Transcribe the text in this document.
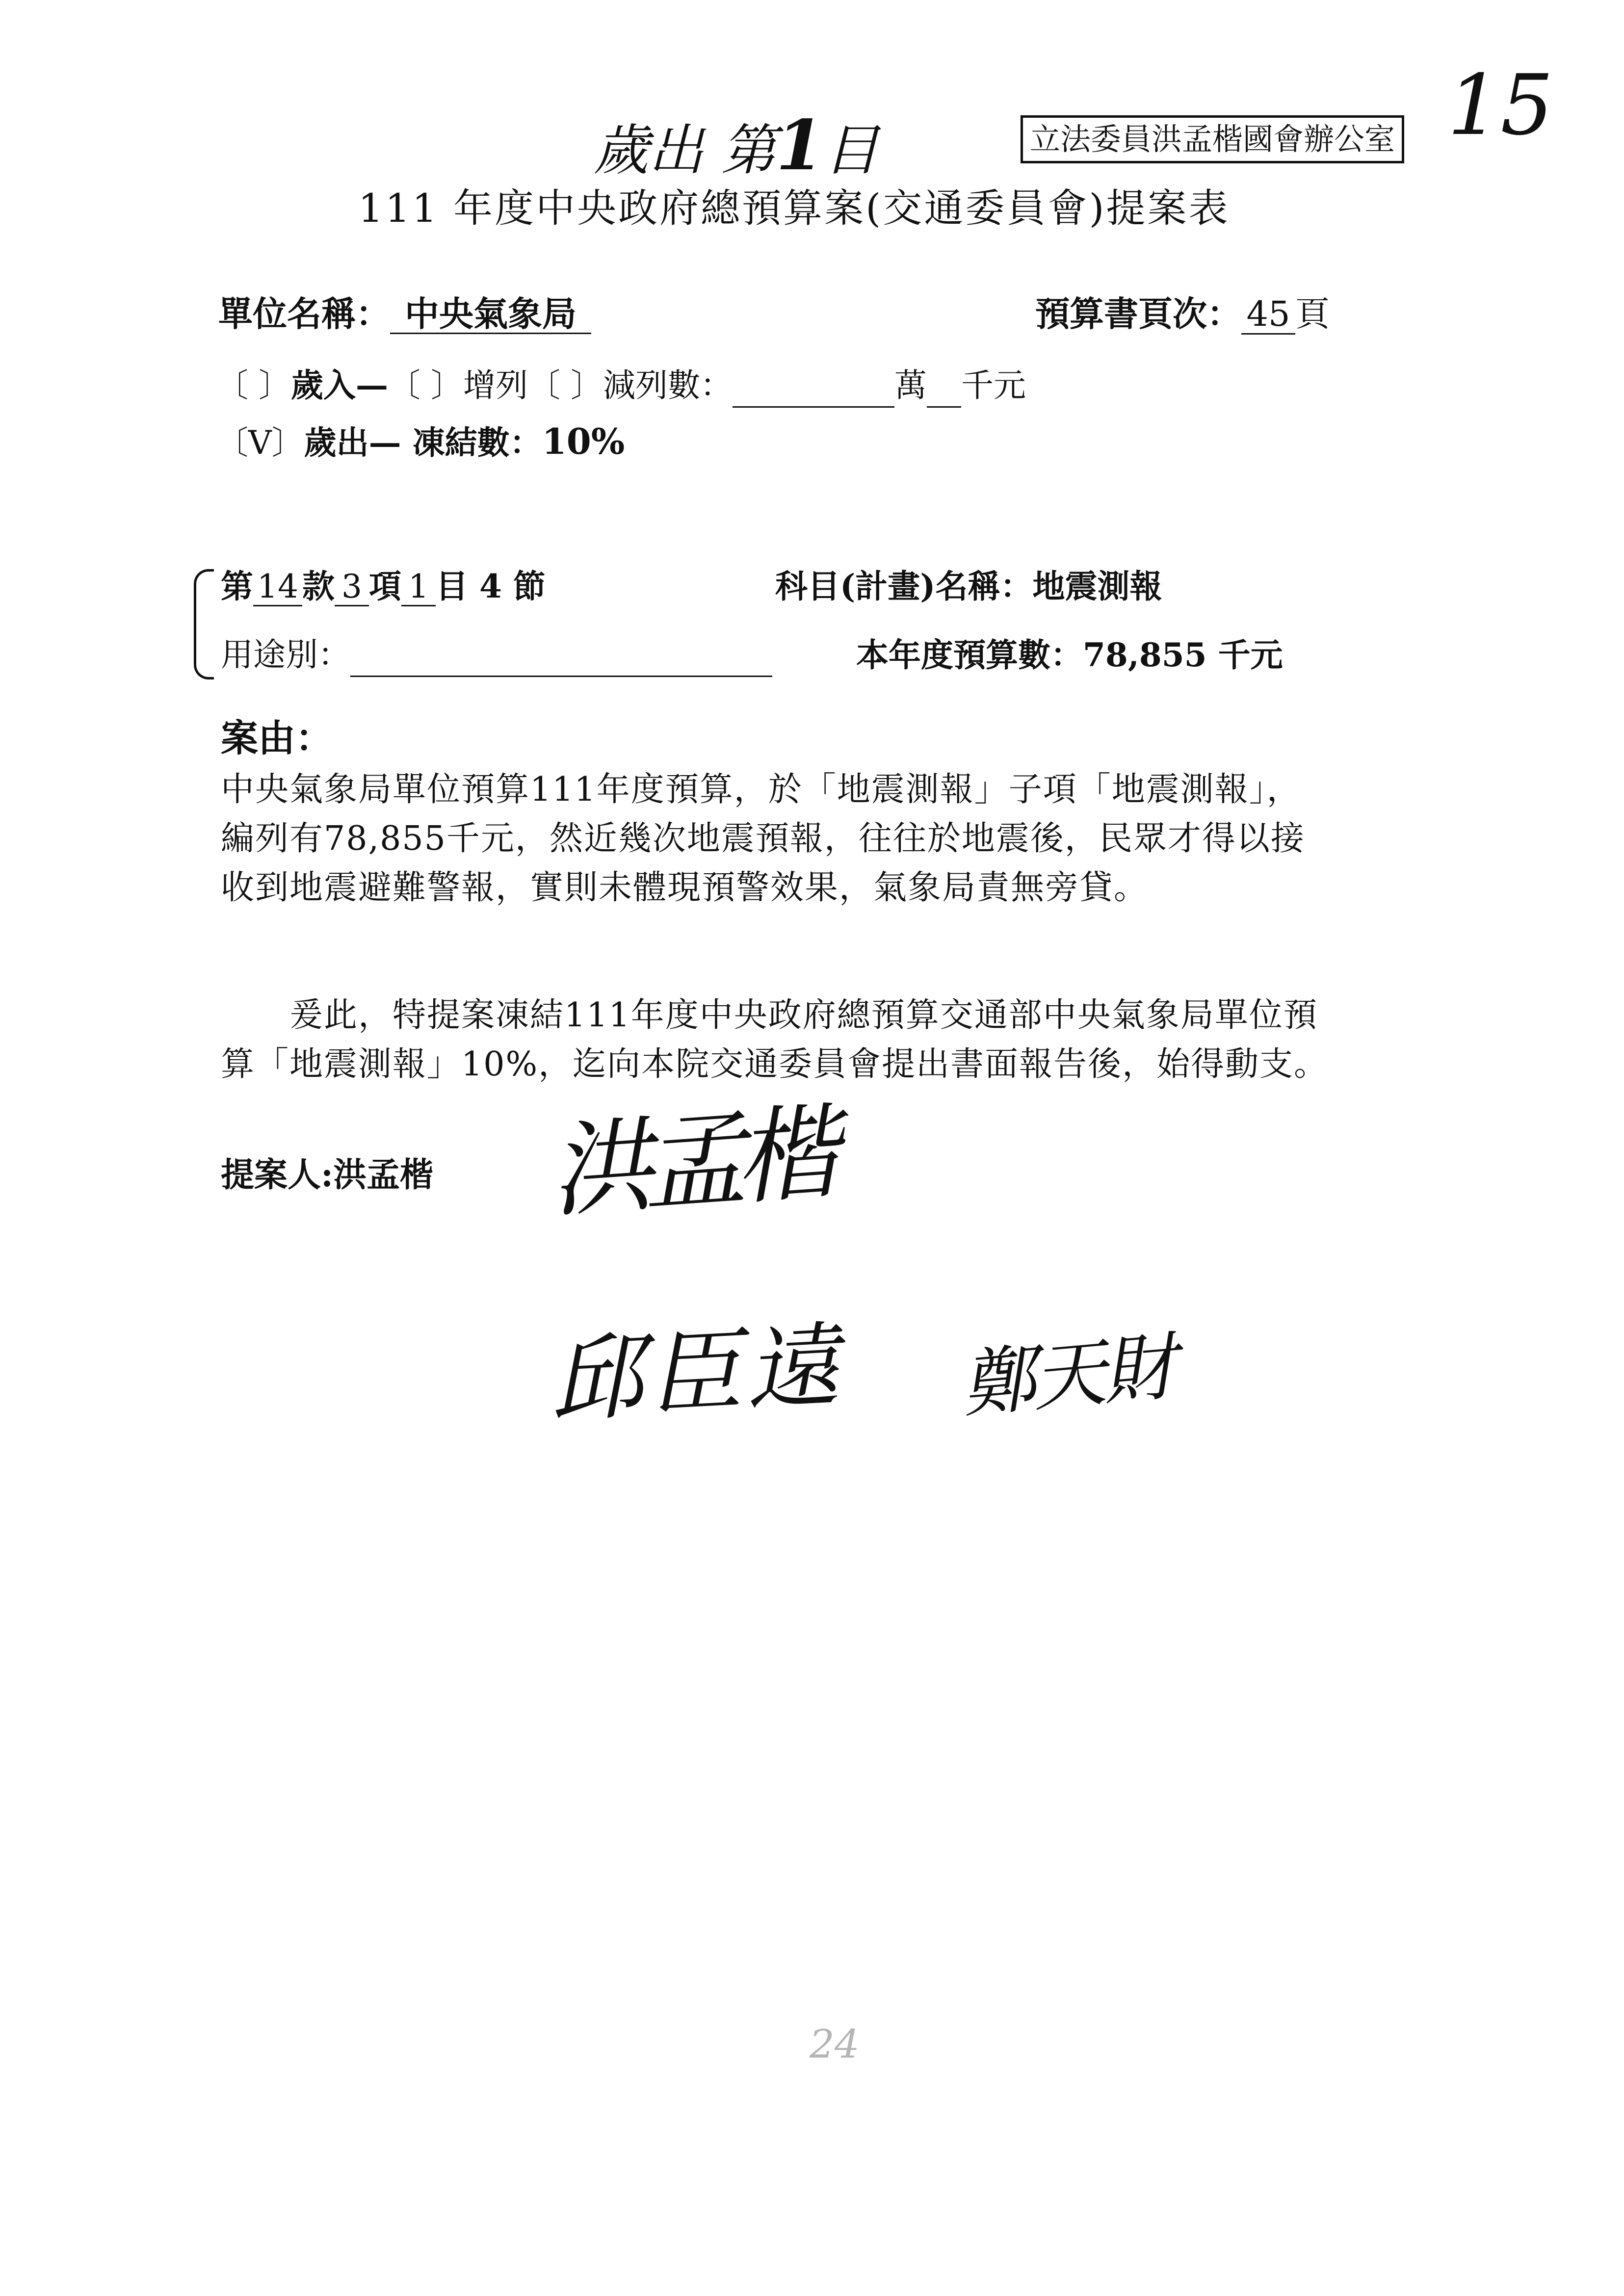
歲出 第1目	立法委員洪孟楷國會辦公室 15
111 年度中央政府總預算案(交通委員會)提案表
單位名稱： 中央氣象局	預算書頁次： 45 頁
〔 〕歲入—〔 〕增列〔 〕減列數：	萬 千元
〔V〕歲出— 凍結數：10%
第 14 款 3 項 1 目 4 節	科目(計畫)名稱：地震測報
用途別：	本年度預算數：78,855 千元
案由：

中央氣象局單位預算111年度預算，於「地震測報」子項「地震測報」，

編列有78,855千元，然近幾次地震預報，往往於地震後，民眾才得以接

收到地震避難警報，實則未體現預警效果，氣象局責無旁貸。

爰此，特提案凍結111年度中央政府總預算交通部中央氣象局單位預

算「地震測報」10%，迄向本院交通委員會提出書面報告後，始得動支。

提案人:洪孟楷 洪孟楷
邱臣遠 鄭天財
24
